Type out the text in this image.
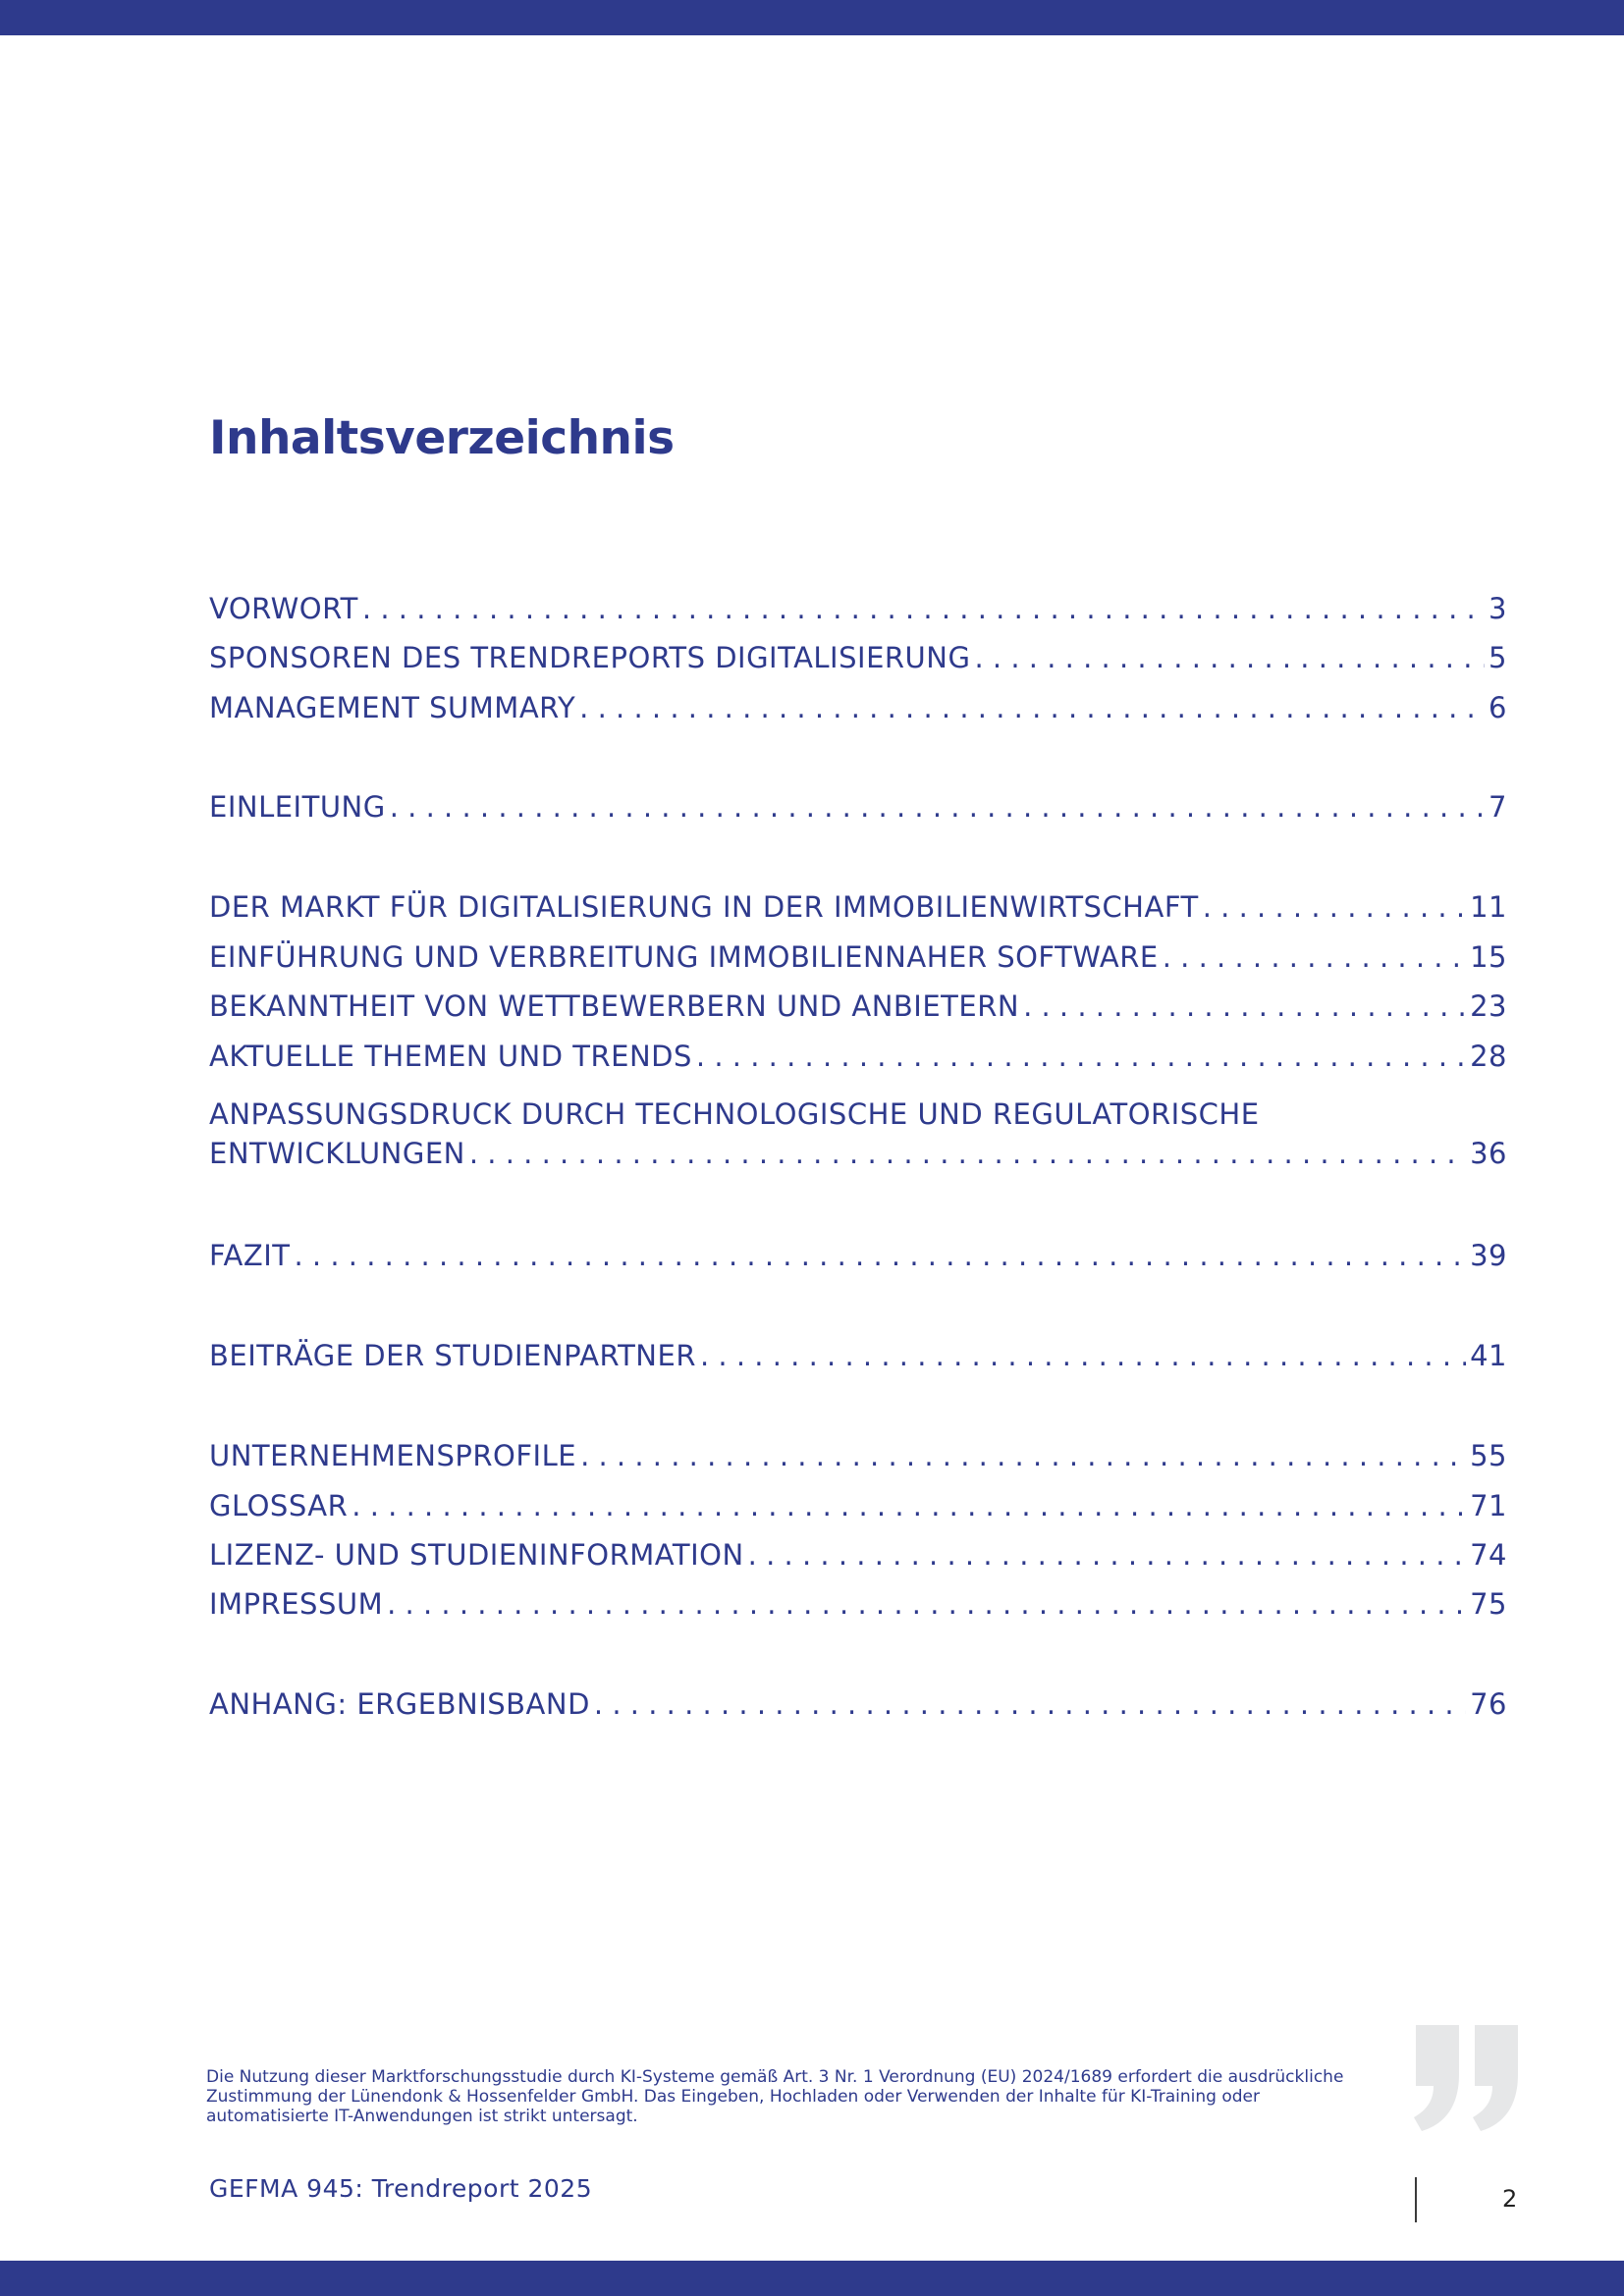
Inhaltsverzeichnis
VORWORT . . .	3
SPONSOREN DES TRENDREPORTS DIGITALISIERUNG . . .	5
MANAGEMENT SUMMARY . . .	6
EINLEITUNG . . .	7
DER MARKT FÜR DIGITALISIERUNG IN DER IMMOBILIENWIRTSCHAFT . . .	11
EINFÜHRUNG UND VERBREITUNG IMMOBILIENNAHER SOFTWARE . . .	15
BEKANNTHEIT VON WETTBEWERBERN UND ANBIETERN . . .	23
AKTUELLE THEMEN UND TRENDS . . .	28
ANPASSUNGSDRUCK DURCH TECHNOLOGISCHE UND REGULATORISCHE
ENTWICKLUNGEN . . .	36
FAZIT . . .	39
BEITRÄGE DER STUDIENPARTNER . . .	41
UNTERNEHMENSPROFILE . . .	55
GLOSSAR . . .	71
LIZENZ- UND STUDIENINFORMATION . . .	74
IMPRESSUM . . .	75
ANHANG: ERGEBNISBAND . . .	76

Die Nutzung dieser Marktforschungsstudie durch KI-Systeme gemäß Art. 3 Nr. 1 Verordnung (EU) 2024/1689 erfordert die ausdrückliche Zustimmung der Lünendonk & Hossenfelder GmbH. Das Eingeben, Hochladen oder Verwenden der Inhalte für KI-Training oder automatisierte IT-Anwendungen ist strikt untersagt.

GEFMA 945: Trendreport 2025	2
